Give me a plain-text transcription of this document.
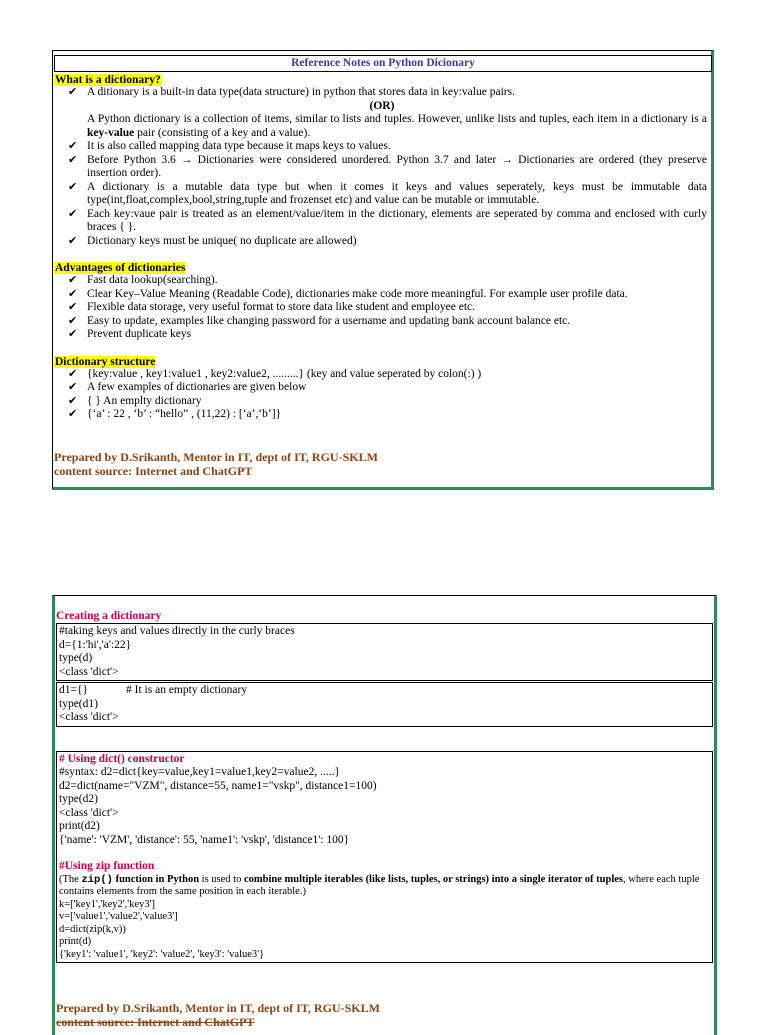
Reference Notes on Python Dicionary
What is a dictionary?
✔ A ditionary is a built-in data type(data structure) in python that stores data in key:value pairs.
(OR)
A Python dictionary is a collection of items, similar to lists and tuples. However, unlike lists and tuples, each item in a dictionary is a key-value pair (consisting of a key and a value).
✔ It is also called mapping data type because it maps keys to values.
✔ Before Python 3.6 → Dictionaries were considered unordered. Python 3.7 and later → Dictionaries are ordered (they preserve insertion order).
✔ A dictionary is a mutable data type but when it comes it keys and values seperately, keys must be immutable data type(int,float,complex,bool,string,tuple and frozenset etc) and value can be mutable or immutable.
✔ Each key:vaue pair is treated as an element/value/item in the dictionary, elements are seperated by comma and enclosed with curly braces { }.
✔ Dictionary keys must be unique( no duplicate are allowed)
Advantages of dictionaries
✔ Fast data lookup(searching).
✔ Clear Key–Value Meaning (Readable Code), dictionaries make code more meaningful. For example user profile data.
✔ Flexible data storage, very useful format to store data like student and employee etc.
✔ Easy to update, examples like changing password for a username and updating bank account balance etc.
✔ Prevent duplicate keys
Dictionary structure
✔ {key:value , key1:value1 , key2:value2, .........} (key and value seperated by colon(:) )
✔ A few examples of dictionaries are given below
✔ { } An emplty dictionary
✔ {‘a’ : 22 , ‘b’ : “hello” , (11,22) : [‘a’,‘b’]}
Prepared by D.Srikanth, Mentor in IT, dept of IT, RGU-SKLM
content source: Internet and ChatGPT
Creating a dictionary
#taking keys and values directly in the curly braces
d={1:'hi','a':22}
type(d)
<class 'dict'>
d1={}	# It is an empty dictionary
type(d1)
<class 'dict'>
# Using dict() constructor
#syntax: d2=dict{key=value,key1=value1,key2=value2, .....}
d2=dict(name="VZM", distance=55, name1="vskp", distance1=100)
type(d2)
<class 'dict'>
print(d2)
{'name': 'VZM', 'distance': 55, 'name1': 'vskp', 'distance1': 100}
#Using zip function
(The zip() function in Python is used to combine multiple iterables (like lists, tuples, or strings) into a single iterator of tuples, where each tuple contains elements from the same position in each iterable.)
k=['key1','key2','key3']
v=['value1','value2','value3']
d=dict(zip(k,v))
print(d)
{'key1': 'value1', 'key2': 'value2', 'key3': 'value3'}
Prepared by D.Srikanth, Mentor in IT, dept of IT, RGU-SKLM
content source: Internet and ChatGPT
